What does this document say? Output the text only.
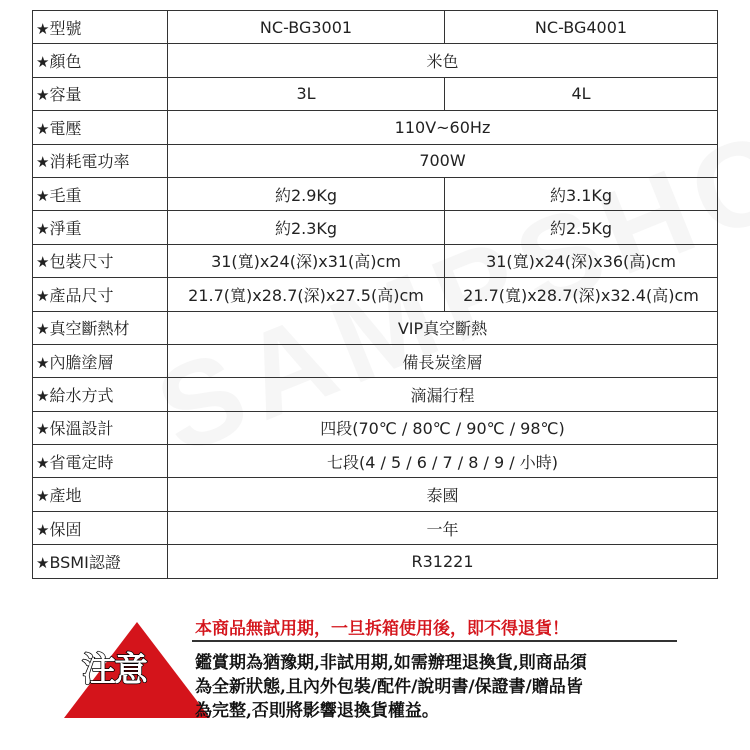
★型號	NC-BG3001	NC-BG4001
★顏色	米色	
★容量	3L	4L
★電壓	110V~60Hz	
★消耗電功率	700W	
★毛重	約2.9Kg	約3.1Kg
★淨重	約2.3Kg	約2.5Kg
★包裝尺寸	31(寬)x24(深)x31(高)cm	31(寬)x24(深)x36(高)cm
★產品尺寸	21.7(寬)x28.7(深)x27.5(高)cm	21.7(寬)x28.7(深)x32.4(高)cm
★真空斷熱材	VIP真空斷熱	
★內膽塗層	備長炭塗層	
★給水方式	滴漏行程	
★保溫設計	四段(70℃ / 80℃ / 90℃ / 98℃)	
★省電定時	七段(4 / 5 / 6 / 7 / 8 / 9 / 小時)	
★產地	泰國	
★保固	一年	
★BSMI認證	R31221	
注意
本商品無試用期，一旦拆箱使用後，即不得退貨！
鑑賞期為猶豫期,非試用期,如需辦理退換貨,則商品須
為全新狀態,且內外包裝/配件/說明書/保證書/贈品皆
為完整,否則將影響退換貨權益。
